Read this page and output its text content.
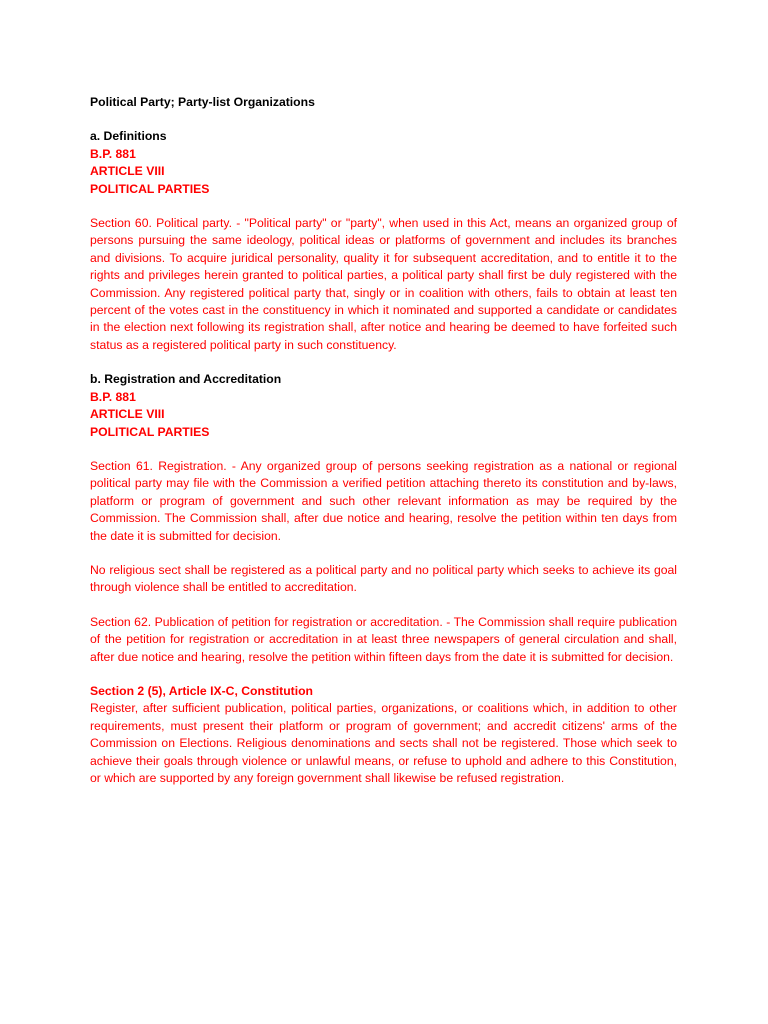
Political Party; Party-list Organizations

a. Definitions

B.P. 881
ARTICLE VIII
POLITICAL PARTIES

Section 60. Political party. - "Political party" or "party", when used in this Act, means an organized group of persons pursuing the same ideology, political ideas or platforms of government and includes its branches and divisions. To acquire juridical personality, quality it for subsequent accreditation, and to entitle it to the rights and privileges herein granted to political parties, a political party shall first be duly registered with the Commission. Any registered political party that, singly or in coalition with others, fails to obtain at least ten percent of the votes cast in the constituency in which it nominated and supported a candidate or candidates in the election next following its registration shall, after notice and hearing be deemed to have forfeited such status as a registered political party in such constituency.

b. Registration and Accreditation

B.P. 881
ARTICLE VIII
POLITICAL PARTIES

Section 61. Registration. - Any organized group of persons seeking registration as a national or regional political party may file with the Commission a verified petition attaching thereto its constitution and by-laws, platform or program of government and such other relevant information as may be required by the Commission. The Commission shall, after due notice and hearing, resolve the petition within ten days from the date it is submitted for decision.

No religious sect shall be registered as a political party and no political party which seeks to achieve its goal through violence shall be entitled to accreditation.

Section 62. Publication of petition for registration or accreditation. - The Commission shall require publication of the petition for registration or accreditation in at least three newspapers of general circulation and shall, after due notice and hearing, resolve the petition within fifteen days from the date it is submitted for decision.

Section 2 (5), Article IX-C, Constitution

Register, after sufficient publication, political parties, organizations, or coalitions which, in addition to other requirements, must present their platform or program of government; and accredit citizens' arms of the Commission on Elections. Religious denominations and sects shall not be registered. Those which seek to achieve their goals through violence or unlawful means, or refuse to uphold and adhere to this Constitution, or which are supported by any foreign government shall likewise be refused registration.
